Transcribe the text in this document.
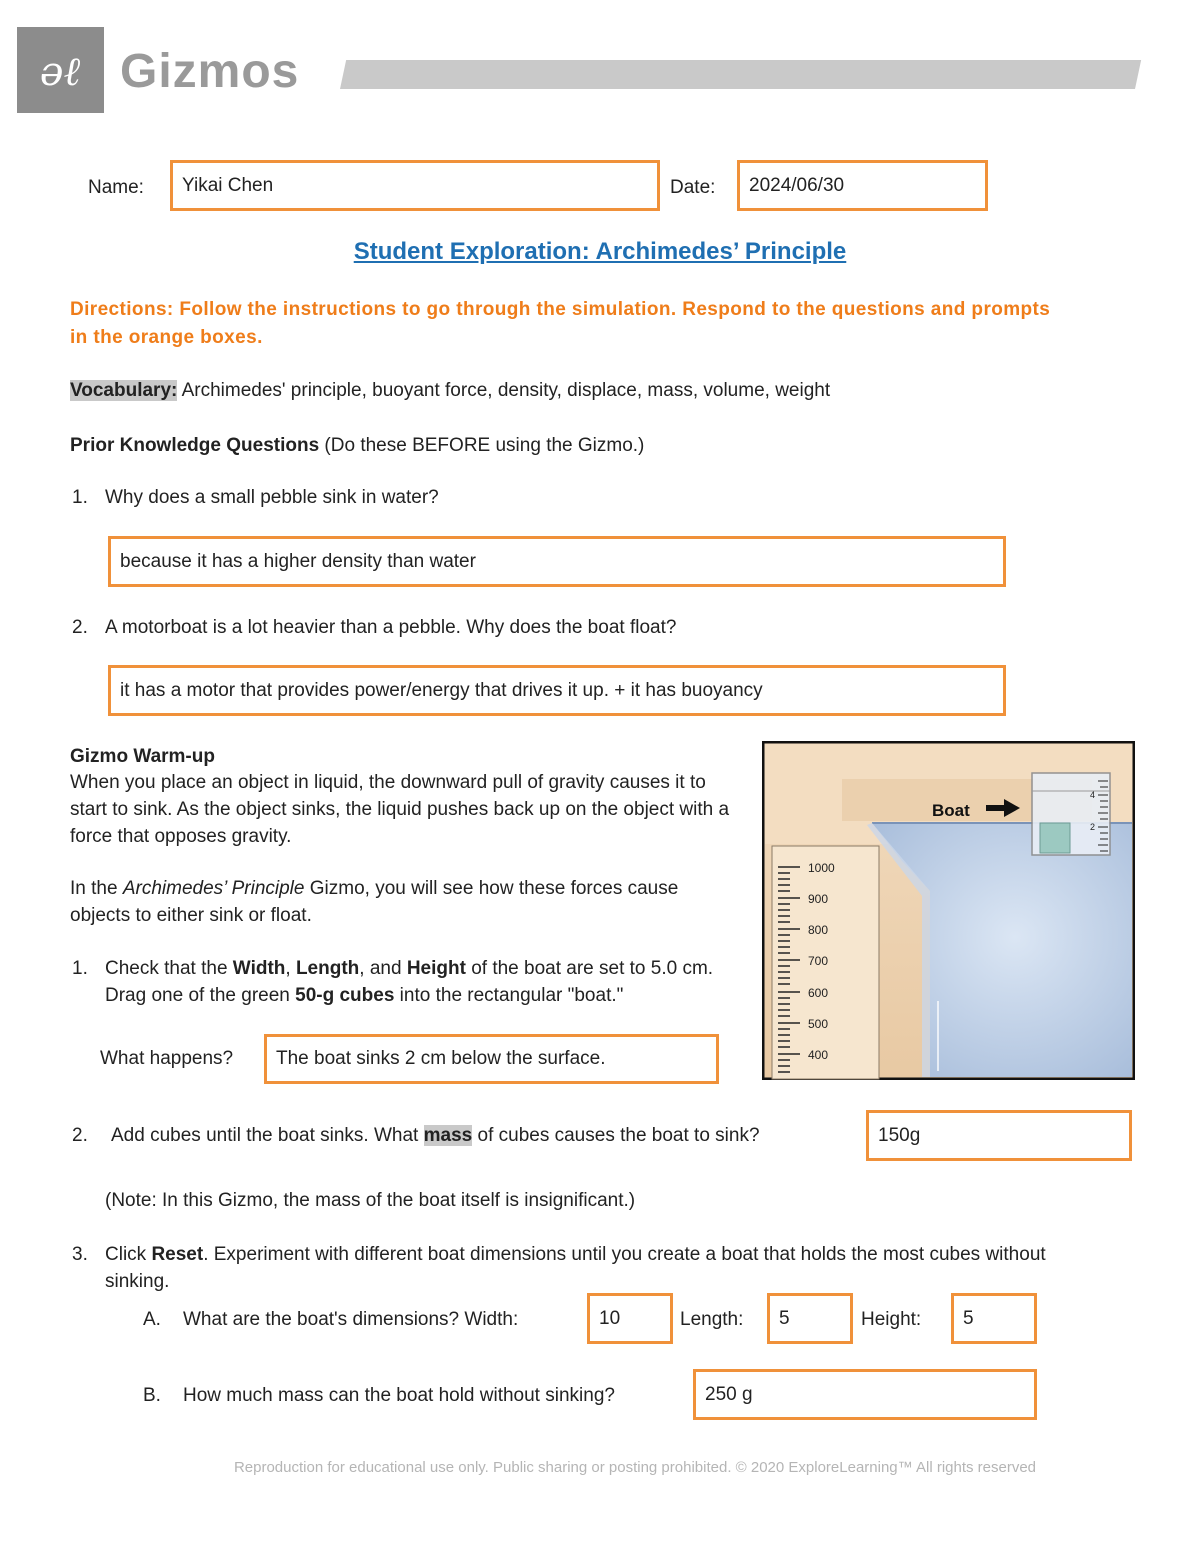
əℓ Gizmos
Name: Yikai Chen	Date: 2024/06/30
Student Exploration: Archimedes’ Principle
Directions: Follow the instructions to go through the simulation. Respond to the questions and prompts in the orange boxes.
Vocabulary: Archimedes' principle, buoyant force, density, displace, mass, volume, weight
Prior Knowledge Questions (Do these BEFORE using the Gizmo.)
1. Why does a small pebble sink in water?
because it has a higher density than water
2. A motorboat is a lot heavier than a pebble. Why does the boat float?
it has a motor that provides power/energy that drives it up. + it has buoyancy
Gizmo Warm-up
When you place an object in liquid, the downward pull of gravity causes it to start to sink. As the object sinks, the liquid pushes back up on the object with a force that opposes gravity.
In the Archimedes’ Principle Gizmo, you will see how these forces cause objects to either sink or float.
1. Check that the Width, Length, and Height of the boat are set to 5.0 cm. Drag one of the green 50-g cubes into the rectangular "boat."
What happens? The boat sinks 2 cm below the surface.
1000
900
800
700
600
500
400
Boat
4
2
2. Add cubes until the boat sinks. What mass of cubes causes the boat to sink?	150g
(Note: In this Gizmo, the mass of the boat itself is insignificant.)
3. Click Reset. Experiment with different boat dimensions until you create a boat that holds the most cubes without sinking.
A. What are the boat's dimensions? Width:	10	Length: 5	Height: 5
B. How much mass can the boat hold without sinking?	250 g
Reproduction for educational use only. Public sharing or posting prohibited. © 2020 ExploreLearning™ All rights reserved
